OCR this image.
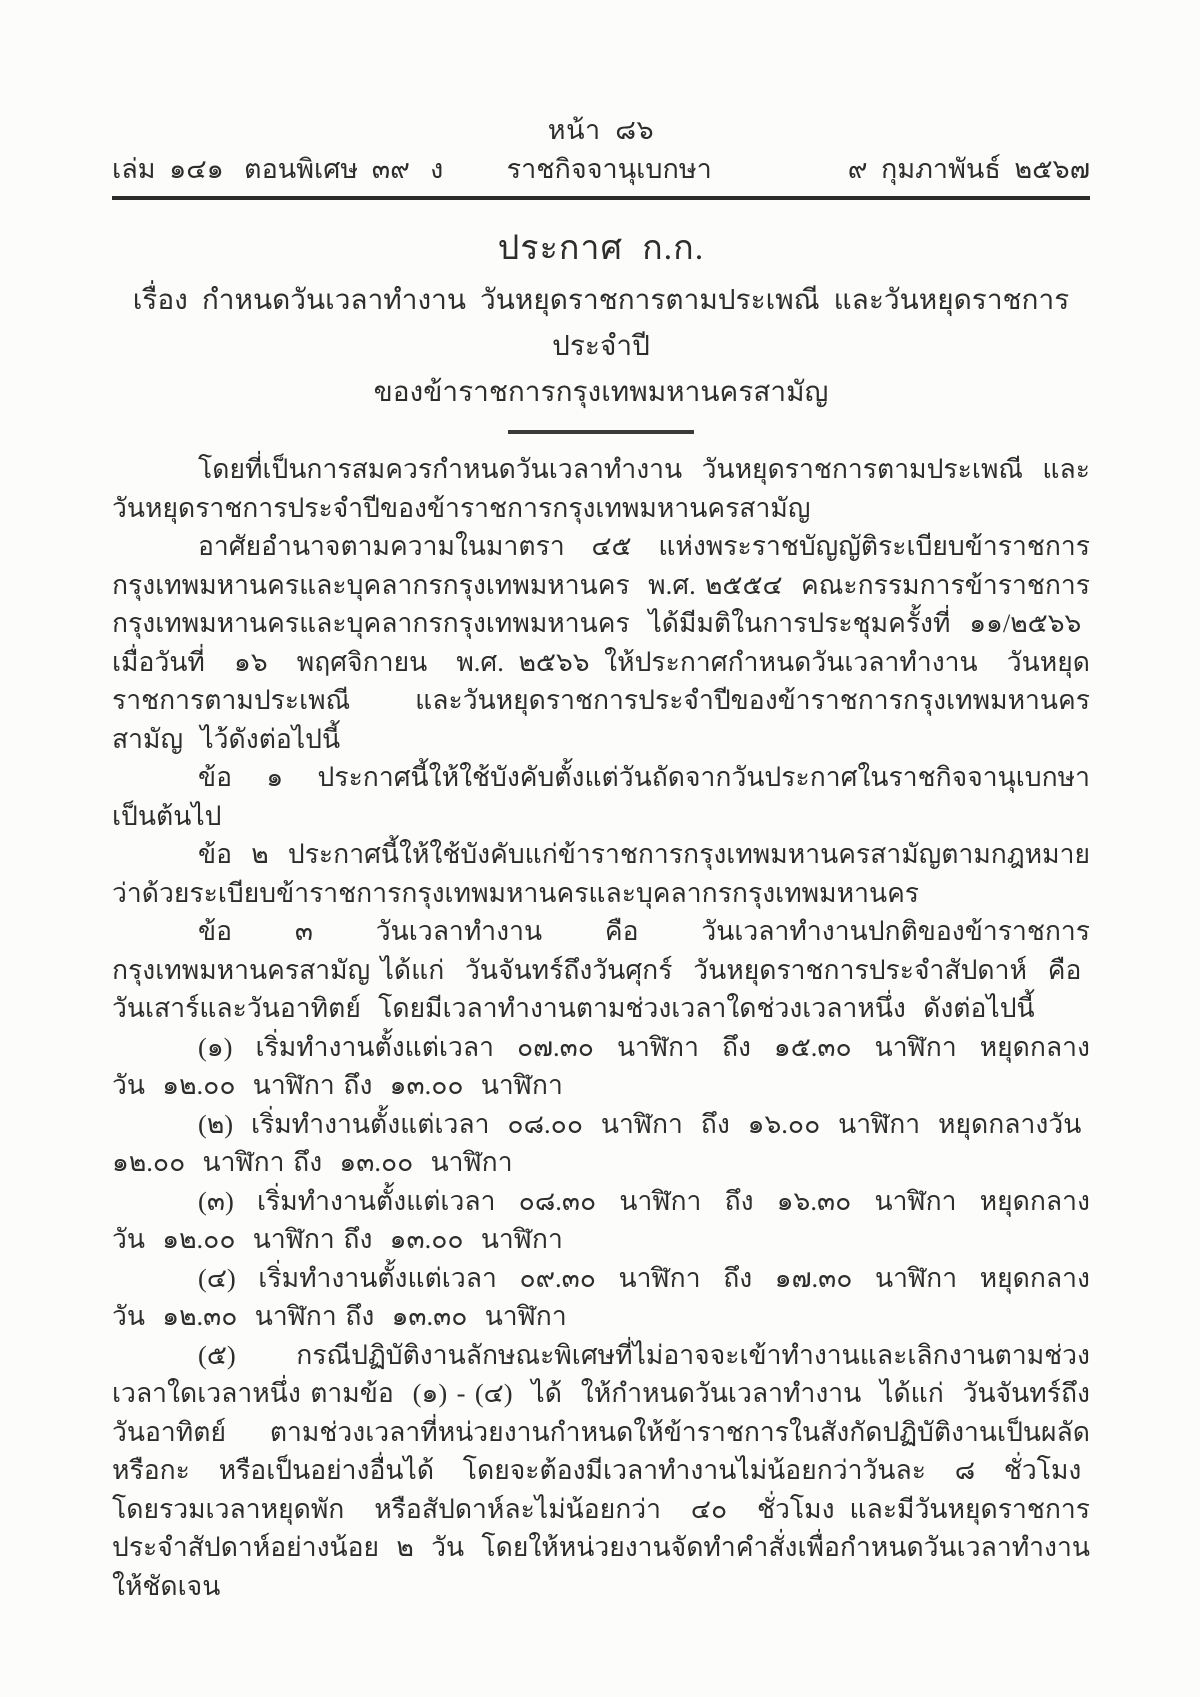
หน้า  ๘๖
เล่ม  ๑๔๑   ตอนพิเศษ  ๓๙   ง ราชกิจจานุเบกษา	๙  กุมภาพันธ์  ๒๕๖๗
ประกาศ  ก.ก.
เรื่อง  กำหนดวันเวลาทำงาน  วันหยุดราชการตามประเพณี  และวันหยุดราชการประจำปี
ของข้าราชการกรุงเทพมหานครสามัญ

โดยที่เป็นการสมควรกำหนดวันเวลาทำงาน  วันหยุดราชการตามประเพณี  และวันหยุดราชการประจำปีของข้าราชการกรุงเทพมหานครสามัญ

อาศัยอำนาจตามความในมาตรา  ๔๕  แห่งพระราชบัญญัติระเบียบข้าราชการกรุงเทพมหานครและบุคลากรกรุงเทพมหานคร  พ.ศ. ๒๕๕๔  คณะกรรมการข้าราชการกรุงเทพมหานครและบุคลากรกรุงเทพมหานคร  ได้มีมติในการประชุมครั้งที่  ๑๑/๒๕๖๖  เมื่อวันที่  ๑๖  พฤศจิกายน  พ.ศ. ๒๕๖๖ ให้ประกาศกำหนดวันเวลาทำงาน  วันหยุดราชการตามประเพณี  และวันหยุดราชการประจำปีของข้าราชการกรุงเทพมหานครสามัญ  ไว้ดังต่อไปนี้

ข้อ  ๑  ประกาศนี้ให้ใช้บังคับตั้งแต่วันถัดจากวันประกาศในราชกิจจานุเบกษาเป็นต้นไป

ข้อ  ๒  ประกาศนี้ให้ใช้บังคับแก่ข้าราชการกรุงเทพมหานครสามัญตามกฎหมายว่าด้วยระเบียบข้าราชการกรุงเทพมหานครและบุคลากรกรุงเทพมหานคร

ข้อ  ๓  วันเวลาทำงาน  คือ  วันเวลาทำงานปกติของข้าราชการกรุงเทพมหานครสามัญ ได้แก่  วันจันทร์ถึงวันศุกร์  วันหยุดราชการประจำสัปดาห์  คือ  วันเสาร์และวันอาทิตย์  โดยมีเวลาทำงานตามช่วงเวลาใดช่วงเวลาหนึ่ง  ดังต่อไปนี้

(๑)  เริ่มทำงานตั้งแต่เวลา  ๐๗.๓๐  นาฬิกา  ถึง  ๑๕.๓๐  นาฬิกา  หยุดกลางวัน  ๑๒.๐๐  นาฬิกา ถึง  ๑๓.๐๐  นาฬิกา

(๒)  เริ่มทำงานตั้งแต่เวลา  ๐๘.๐๐  นาฬิกา  ถึง  ๑๖.๐๐  นาฬิกา  หยุดกลางวัน  ๑๒.๐๐  นาฬิกา ถึง  ๑๓.๐๐  นาฬิกา

(๓)  เริ่มทำงานตั้งแต่เวลา  ๐๘.๓๐  นาฬิกา  ถึง  ๑๖.๓๐  นาฬิกา  หยุดกลางวัน  ๑๒.๐๐  นาฬิกา ถึง  ๑๓.๐๐  นาฬิกา

(๔)  เริ่มทำงานตั้งแต่เวลา  ๐๙.๓๐  นาฬิกา  ถึง  ๑๗.๓๐  นาฬิกา  หยุดกลางวัน  ๑๒.๓๐  นาฬิกา ถึง  ๑๓.๓๐  นาฬิกา

(๕)  กรณีปฏิบัติงานลักษณะพิเศษที่ไม่อาจจะเข้าทำงานและเลิกงานตามช่วงเวลาใดเวลาหนึ่ง ตามข้อ  (๑) - (๔)  ได้  ให้กำหนดวันเวลาทำงาน  ได้แก่  วันจันทร์ถึงวันอาทิตย์  ตามช่วงเวลาที่หน่วยงานกำหนดให้ข้าราชการในสังกัดปฏิบัติงานเป็นผลัดหรือกะ  หรือเป็นอย่างอื่นได้  โดยจะต้องมีเวลาทำงานไม่น้อยกว่าวันละ  ๘  ชั่วโมง  โดยรวมเวลาหยุดพัก  หรือสัปดาห์ละไม่น้อยกว่า  ๔๐  ชั่วโมง และมีวันหยุดราชการประจำสัปดาห์อย่างน้อย  ๒  วัน  โดยให้หน่วยงานจัดทำคำสั่งเพื่อกำหนดวันเวลาทำงานให้ชัดเจน
